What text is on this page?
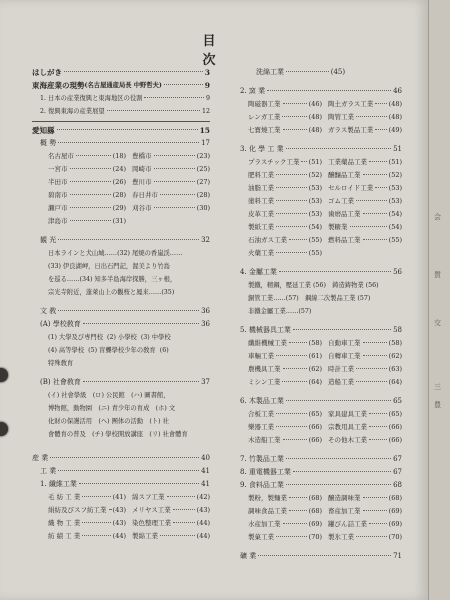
目 次
はしがき	3
東海産業の現勢 (名古屋通産局長 中野哲夫)	9
1. 日本の産業復興と東海地区の役割	9
2. 復興東海の産業展望	12
愛知縣	15
概 勢	17
名古屋市	(18) 豊橋市	(23)
一宮市	(24) 岡崎市	(25)
半田市	(26) 豊川市	(27)
碧南市	(28) 春日井市	(28)
瀬戸市	(29) 刈谷市	(30)
津島市	(31)
観 光	32
日本ラインと犬山城……(32) 尾焼の香嵐渓……
(33) 伊良湖岬，日出石門記，渥美より竹島
を巡る……(34) 知多半島海岸探勝，三ヶ根，
宗光寺附近，蓬萊山上の觀桜と鳳来……(35)
文 敎	36
(A) 學校敎育	36
(1) 大學及び専門校
(2) 小學校
(3) 中學校
(4) 高等學校
(5) 盲聾學校少年の敎育
(6)
特殊敎育
(B) 社會敎育	37
(イ) 社會學級　(ロ) 公民館　(ハ) 圖書館，
博物館，動物園　(ニ) 青少年の育成　(ホ) 文
化財の保護活用　(ヘ) 團体の活動　(ト) 社
會體育の普及　(チ) 學校開放講座　(リ) 社會體育
産 業	40
工 業	41
1. 纖維工業	41
毛 紡 工 業	(41) 綿スフ工業	(42)
絹紡及びスフ紡工業 (43) メリヤス工業	(43)
織 物 工 業	(43) 染色整理工業	(44)
紡 績 工 業	(44) 製綿工業	(44)
洗綿工業	(45)
2. 窯 業	46
陶磁器工業	(46) 陶土ガラス工業 (48)
レンガ工業	(48) 陶管工業	(48)
七寶燒工業	(48) ガラス製品工業 (49)
3. 化 學 工 業	51
プラスチック工業 (51) 工業藥品工業	(51)
肥料工業	(52) 醸釀品工業	(52)
油脂工業	(53) セルロイド工業 (53)
塗料工業	(53) ゴム工業	(53)
皮革工業	(53) 歯磨品工業	(54)
製紙工業	(54) 製糖業	(54)
石油ガス工業	(55) 燃料品工業	(55)
火藥工業	(55)
4. 金屬工業	56
製鐵，精鋼，壓延工業 (56)　鋳造鋳物業 (56)
銅管工業……(57)　鋼線二次製品工業 (57)
非鐵金屬工業……(57)
5. 機械器具工業	58
纖維機械工業	(58) 自動車工業	(58)
車輛工業	(61) 自轉車工業	(62)
農機具工業	(62) 時計工業	(63)
ミシン工業	(64) 造船工業	(64)
6. 木製品工業	65
合板工業	(65) 家具建具工業	(65)
樂器工業	(66) 宗教用具工業	(66)
木造船工業	(66) その他木工業	(66)
7. 竹製品工業	67
8. 重電機器工業	67
9. 食料品工業	68
製粉，製麵業	(68) 醸造調味業	(68)
調味食品工業	(68) 畜産加工業	(69)
水産加工業	(69) 罐びん詰工業	(69)
製菓工業	(70) 製氷工業	(70)
礦 業	71
会
質
交
三
豊
